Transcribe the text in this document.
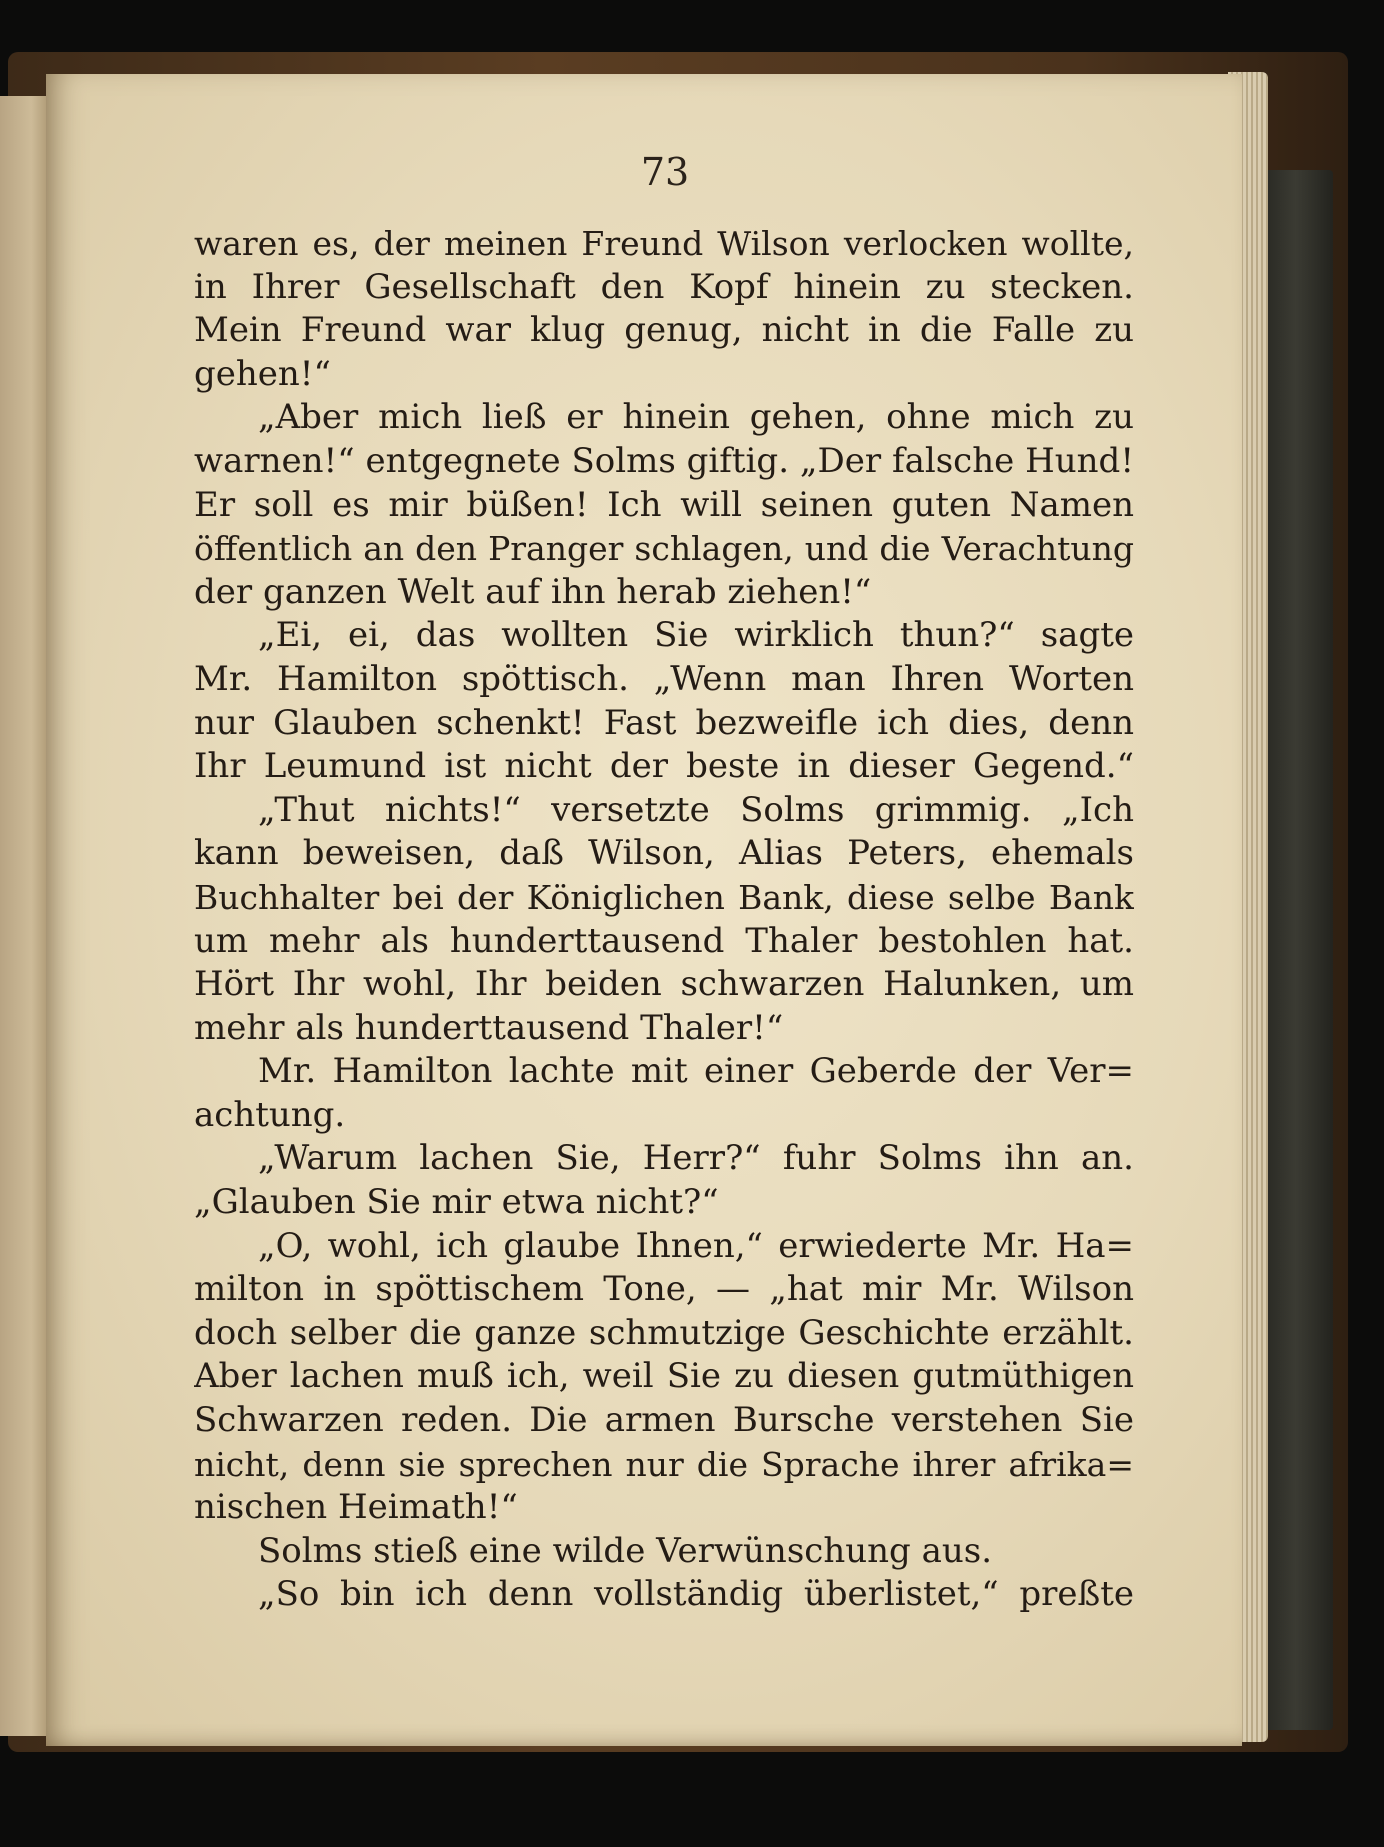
73
waren es, der meinen Freund Wilson verlocken wollte,
in Ihrer Gesellschaft den Kopf hinein zu stecken.
Mein Freund war klug genug, nicht in die Falle zu
gehen!“
„Aber mich ließ er hinein gehen, ohne mich zu
warnen!“ entgegnete Solms giftig. „Der falsche Hund!
Er soll es mir büßen! Ich will seinen guten Namen
öffentlich an den Pranger schlagen, und die Verachtung
der ganzen Welt auf ihn herab ziehen!“
„Ei, ei, das wollten Sie wirklich thun?“ sagte
Mr. Hamilton spöttisch. „Wenn man Ihren Worten
nur Glauben schenkt! Fast bezweifle ich dies, denn
Ihr Leumund ist nicht der beste in dieser Gegend.“
„Thut nichts!“ versetzte Solms grimmig. „Ich
kann beweisen, daß Wilson, Alias Peters, ehemals
Buchhalter bei der Königlichen Bank, diese selbe Bank
um mehr als hunderttausend Thaler bestohlen hat.
Hört Ihr wohl, Ihr beiden schwarzen Halunken, um
mehr als hunderttausend Thaler!“
Mr. Hamilton lachte mit einer Geberde der Ver=
achtung.
„Warum lachen Sie, Herr?“ fuhr Solms ihn an.
„Glauben Sie mir etwa nicht?“
„O, wohl, ich glaube Ihnen,“ erwiederte Mr. Ha=
milton in spöttischem Tone, — „hat mir Mr. Wilson
doch selber die ganze schmutzige Geschichte erzählt.
Aber lachen muß ich, weil Sie zu diesen gutmüthigen
Schwarzen reden. Die armen Bursche verstehen Sie
nicht, denn sie sprechen nur die Sprache ihrer afrika=
nischen Heimath!“
Solms stieß eine wilde Verwünschung aus.
„So bin ich denn vollständig überlistet,“ preßte
